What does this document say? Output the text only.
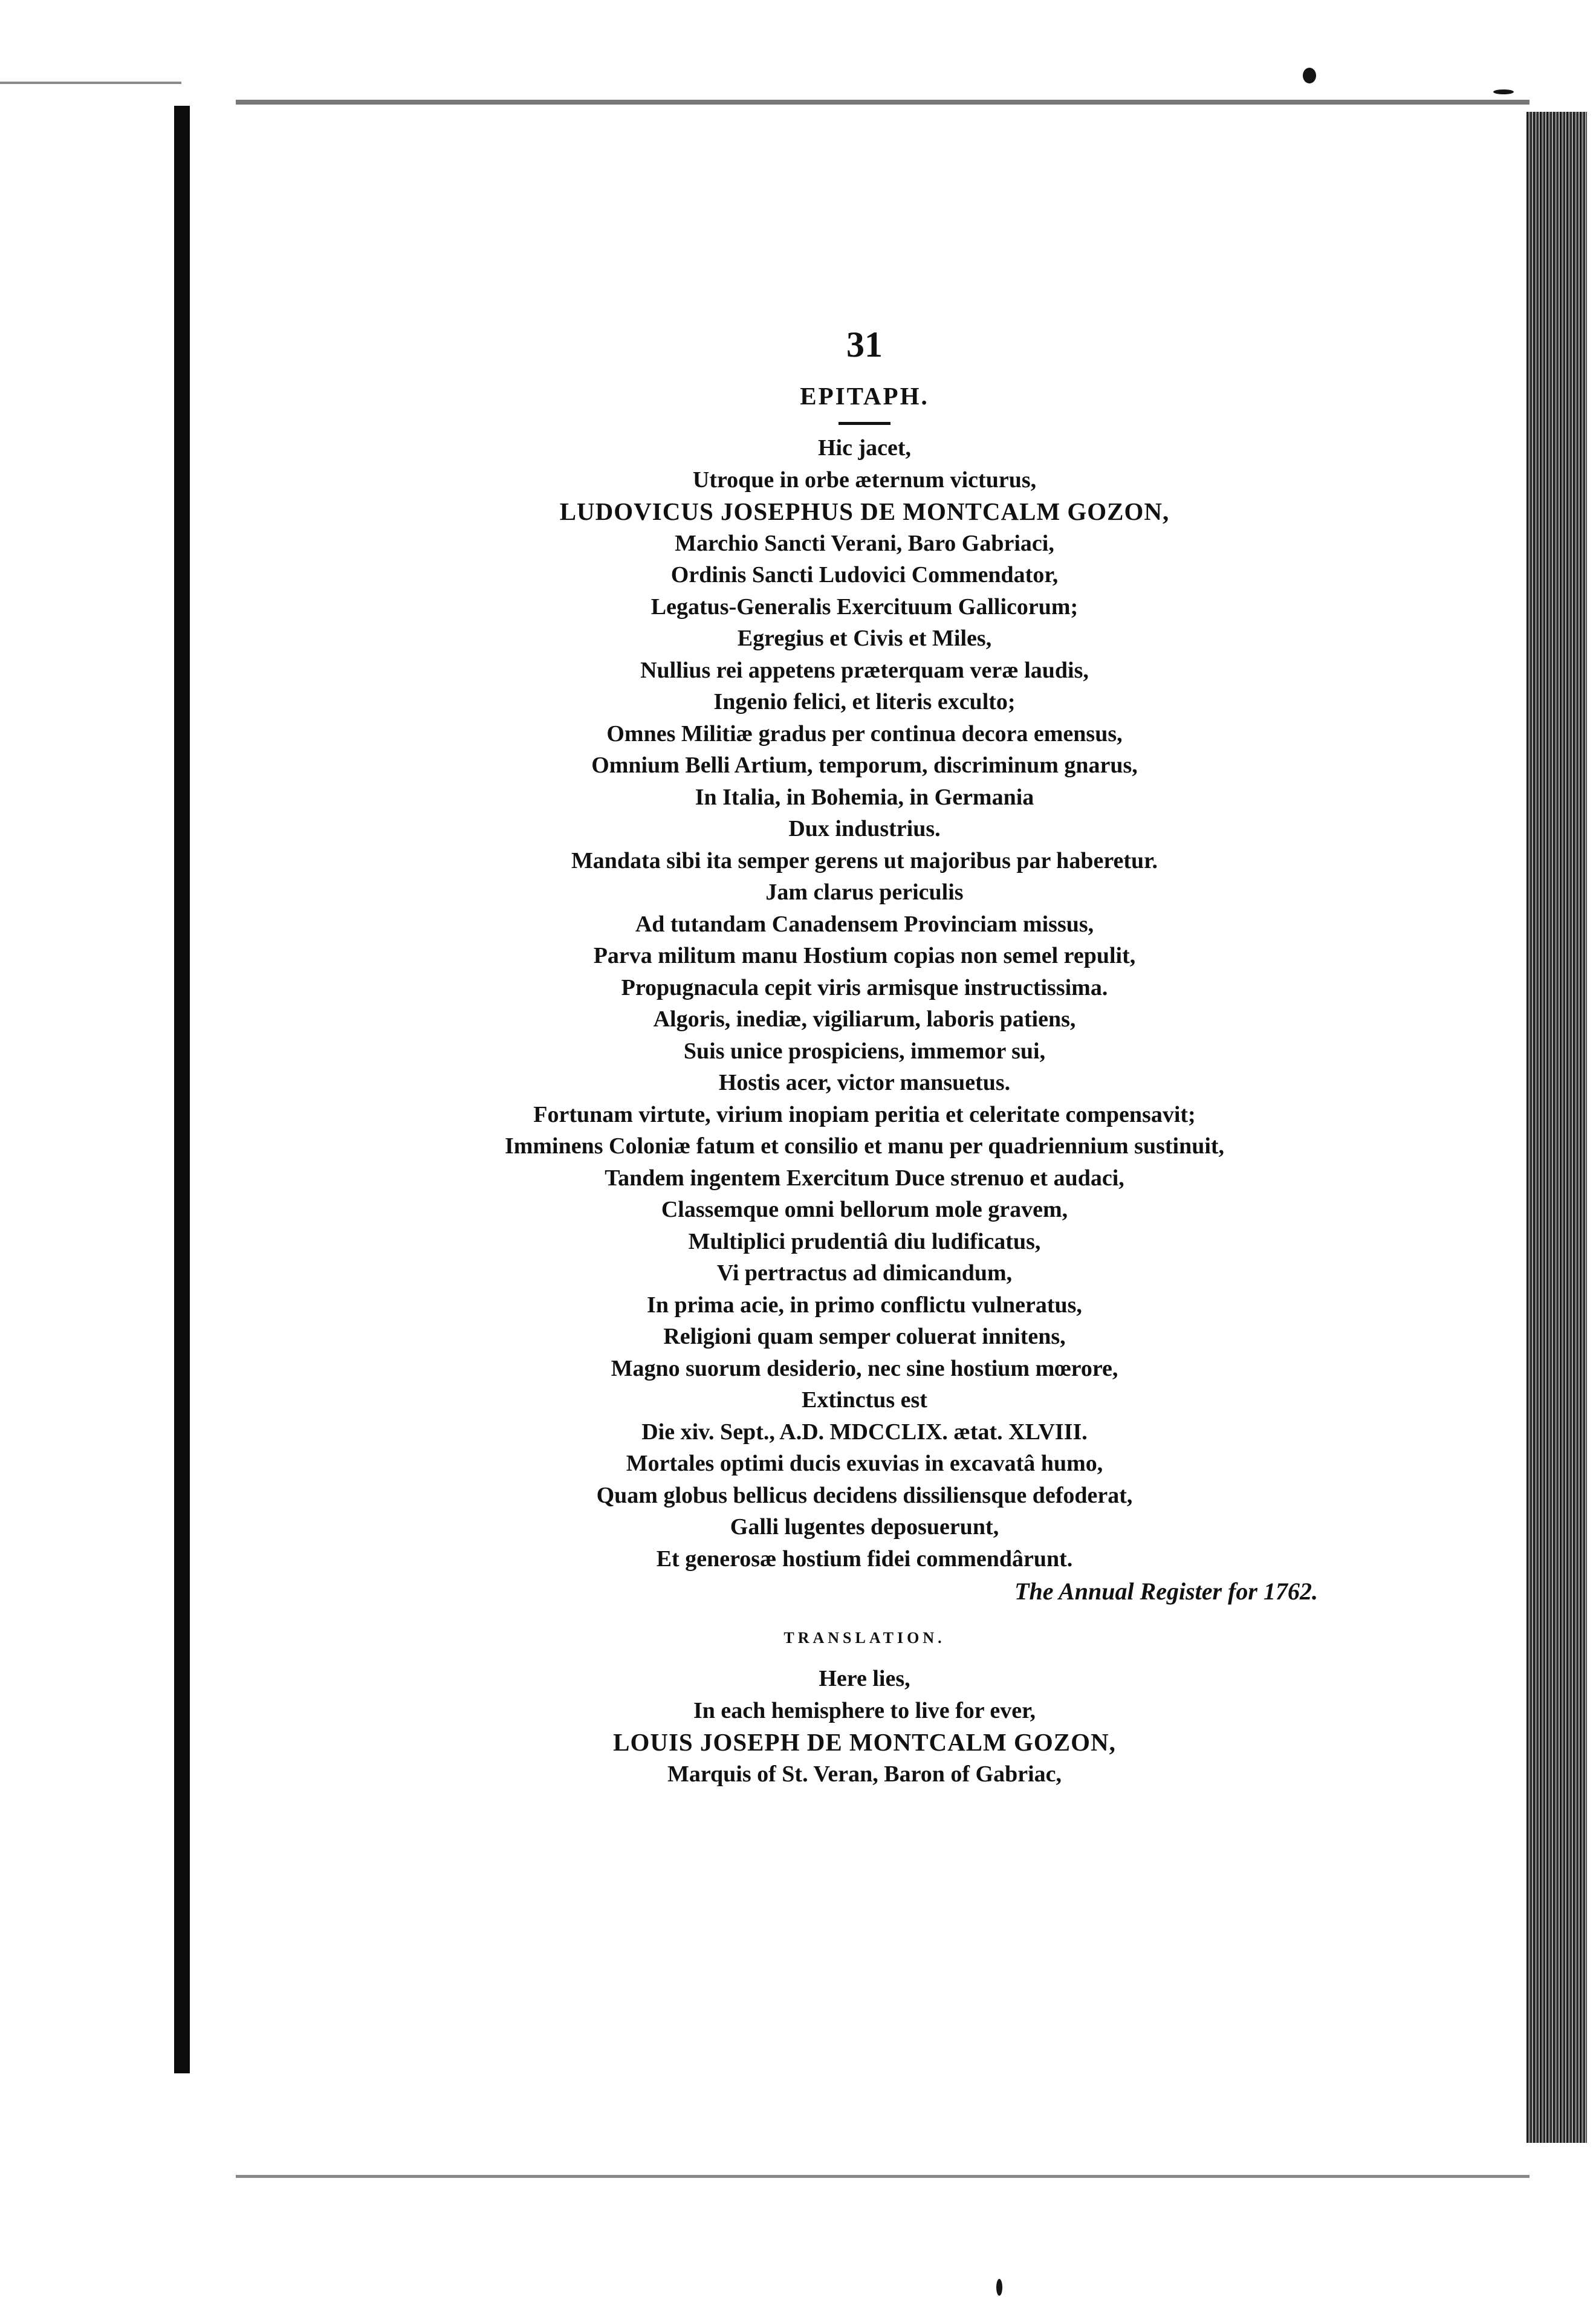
31
EPITAPH.
Hic jacet,
Utroque in orbe æternum victurus,
LUDOVICUS JOSEPHUS DE MONTCALM GOZON,
Marchio Sancti Verani, Baro Gabriaci,
Ordinis Sancti Ludovici Commendator,
Legatus-Generalis Exercituum Gallicorum;
Egregius et Civis et Miles,
Nullius rei appetens præterquam veræ laudis,
Ingenio felici, et literis exculto;
Omnes Militiæ gradus per continua decora emensus,
Omnium Belli Artium, temporum, discriminum gnarus,
In Italia, in Bohemia, in Germania
Dux industrius.
Mandata sibi ita semper gerens ut majoribus par haberetur.
Jam clarus periculis
Ad tutandam Canadensem Provinciam missus,
Parva militum manu Hostium copias non semel repulit,
Propugnacula cepit viris armisque instructissima.
Algoris, inediæ, vigiliarum, laboris patiens,
Suis unice prospiciens, immemor sui,
Hostis acer, victor mansuetus.
Fortunam virtute, virium inopiam peritia et celeritate compensavit;
Imminens Coloniæ fatum et consilio et manu per quadriennium sustinuit,
Tandem ingentem Exercitum Duce strenuo et audaci,
Classemque omni bellorum mole gravem,
Multiplici prudentiâ diu ludificatus,
Vi pertractus ad dimicandum,
In prima acie, in primo conflictu vulneratus,
Religioni quam semper coluerat innitens,
Magno suorum desiderio, nec sine hostium mœrore,
Extinctus est
Die xiv. Sept., A.D. MDCCLIX. ætat. XLVIII.
Mortales optimi ducis exuvias in excavatâ humo,
Quam globus bellicus decidens dissiliensque defoderat,
Galli lugentes deposuerunt,
Et generosæ hostium fidei commendârunt.
The Annual Register for 1762.
TRANSLATION.
Here lies,
In each hemisphere to live for ever,
LOUIS JOSEPH DE MONTCALM GOZON,
Marquis of St. Veran, Baron of Gabriac,
